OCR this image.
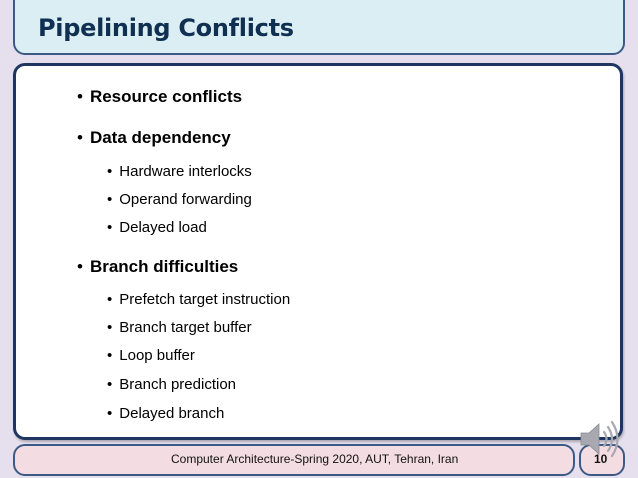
Pipelining Conflicts
• Resource conflicts
• Data dependency
• Hardware interlocks
• Operand forwarding
• Delayed load
• Branch difficulties
• Prefetch target instruction
• Branch target buffer
• Loop buffer
• Branch prediction
• Delayed branch
Computer Architecture-Spring 2020, AUT, Tehran, Iran	10
